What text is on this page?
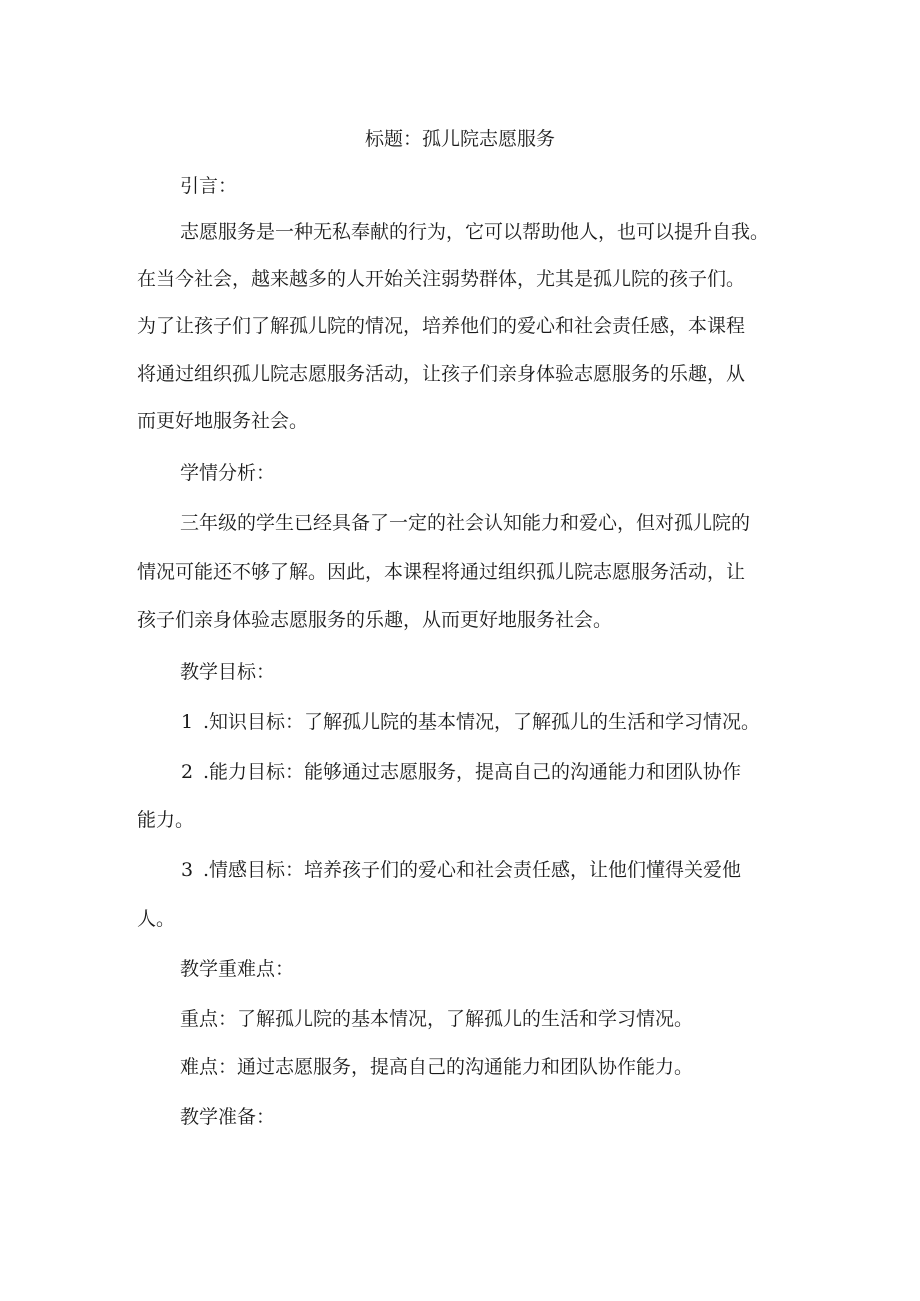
标题：孤儿院志愿服务
引言：
志愿服务是一种无私奉献的行为，它可以帮助他人，也可以提升自我。
在当今社会，越来越多的人开始关注弱势群体，尤其是孤儿院的孩子们。
为了让孩子们了解孤儿院的情况，培养他们的爱心和社会责任感，本课程
将通过组织孤儿院志愿服务活动，让孩子们亲身体验志愿服务的乐趣，从
而更好地服务社会。
学情分析：
三年级的学生已经具备了一定的社会认知能力和爱心，但对孤儿院的
情况可能还不够了解。因此，本课程将通过组织孤儿院志愿服务活动，让
孩子们亲身体验志愿服务的乐趣，从而更好地服务社会。
教学目标：
1 .知识目标：了解孤儿院的基本情况，了解孤儿的生活和学习情况。
2 .能力目标：能够通过志愿服务，提高自己的沟通能力和团队协作
能力。
3 .情感目标：培养孩子们的爱心和社会责任感，让他们懂得关爱他
人。
教学重难点：
重点：了解孤儿院的基本情况，了解孤儿的生活和学习情况。
难点：通过志愿服务，提高自己的沟通能力和团队协作能力。
教学准备：
